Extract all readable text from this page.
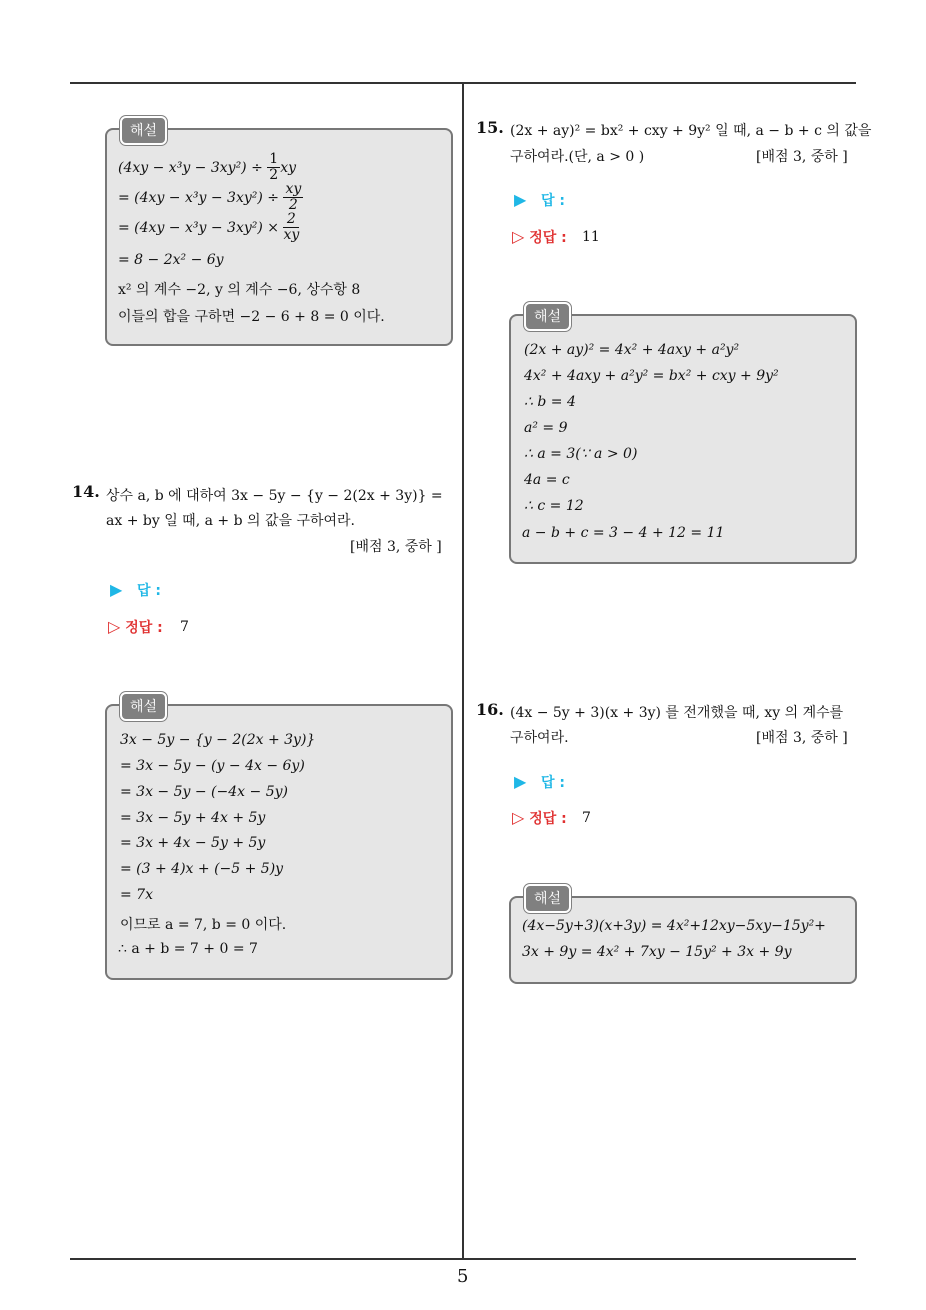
해설
$(4xy - x^3y - 3xy^2) \div \frac{1}{2}$ xy
= $(4xy - x^3y - 3xy^2) \div \frac{xy}{2}$
= $(4xy - x^3y - 3xy^2) \times \frac{2}{xy}$
= 8 − 2x² − 6y
x² 의 계수 −2, y 의 계수 −6, 상수항 8
이들의 합을 구하면 −2 − 6 + 8 = 0 이다.
14. 상수 a, b 에 대하여 3x − 5y − {y − 2(2x + 3y)} =
ax + by 일 때, a + b 의 값을 구하여라.
[배점 3, 중하 ]
▶ 답 :
▷ 정답 : 7
해설
3x − 5y − {y − 2(2x + 3y)}
= 3x − 5y − (y − 4x − 6y)
= 3x − 5y − (−4x − 5y)
= 3x − 5y + 4x + 5y
= 3x + 4x − 5y + 5y
= (3 + 4)x + (−5 + 5)y
= 7x
이므로 a = 7, b = 0 이다.
∴ a + b = 7 + 0 = 7
15. (2x + ay)² = bx² + cxy + 9y² 일 때, a − b + c 의 값을
구하여라.(단, a > 0 )	[배점 3, 중하 ]
▶ 답 :
▷ 정답 : 11
해설
(2x + ay)² = 4x² + 4axy + a²y²
4x² + 4axy + a²y² = bx² + cxy + 9y²
∴ b = 4
a² = 9
∴ a = 3(∵ a > 0)
4a = c
∴ c = 12
a − b + c = 3 − 4 + 12 = 11
16. (4x − 5y + 3)(x + 3y) 를 전개했을 때, xy 의 계수를
구하여라.	[배점 3, 중하 ]
▶ 답 :
▷ 정답 : 7
해설
(4x−5y+3)(x+3y) = 4x²+12xy−5xy−15y²+
3x + 9y = 4x² + 7xy − 15y² + 3x + 9y
5
